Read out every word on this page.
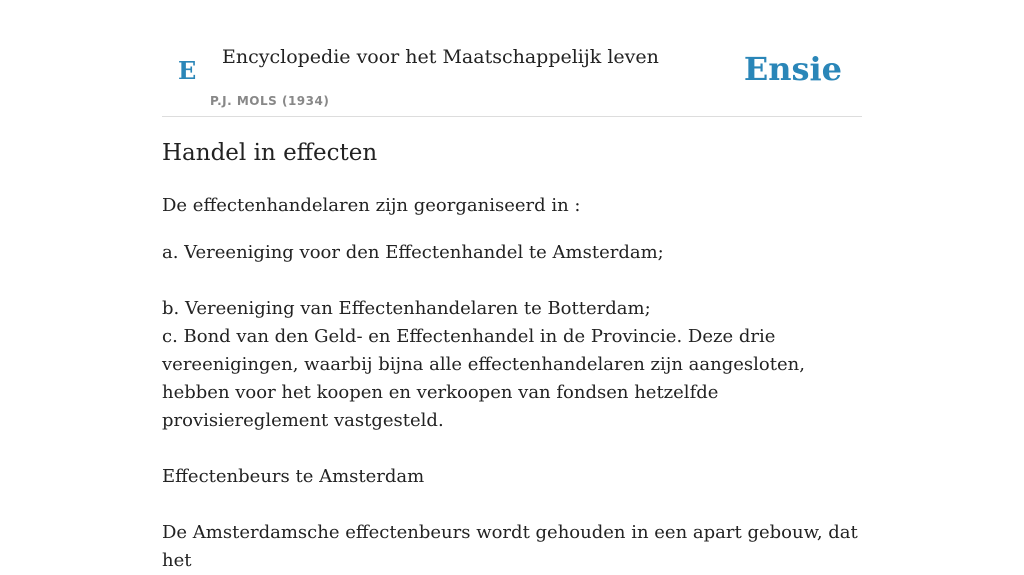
E Encyclopedie voor het Maatschappelijk leven
P.J. MOLS (1934)
Ensie
Handel in effecten

De effectenhandelaren zijn georganiseerd in :

a. Vereeniging voor den Effectenhandel te Amsterdam;

b. Vereeniging van Effectenhandelaren te Botterdam;

c. Bond van den Geld- en Effectenhandel in de Provincie. Deze drie vereenigingen, waarbij bijna alle effectenhandelaren zijn aangesloten, hebben voor het koopen en verkoopen van fondsen hetzelfde provisiereglement vastgesteld.

Effectenbeurs te Amsterdam

De Amsterdamsche effectenbeurs wordt gehouden in een apart gebouw, dat het
